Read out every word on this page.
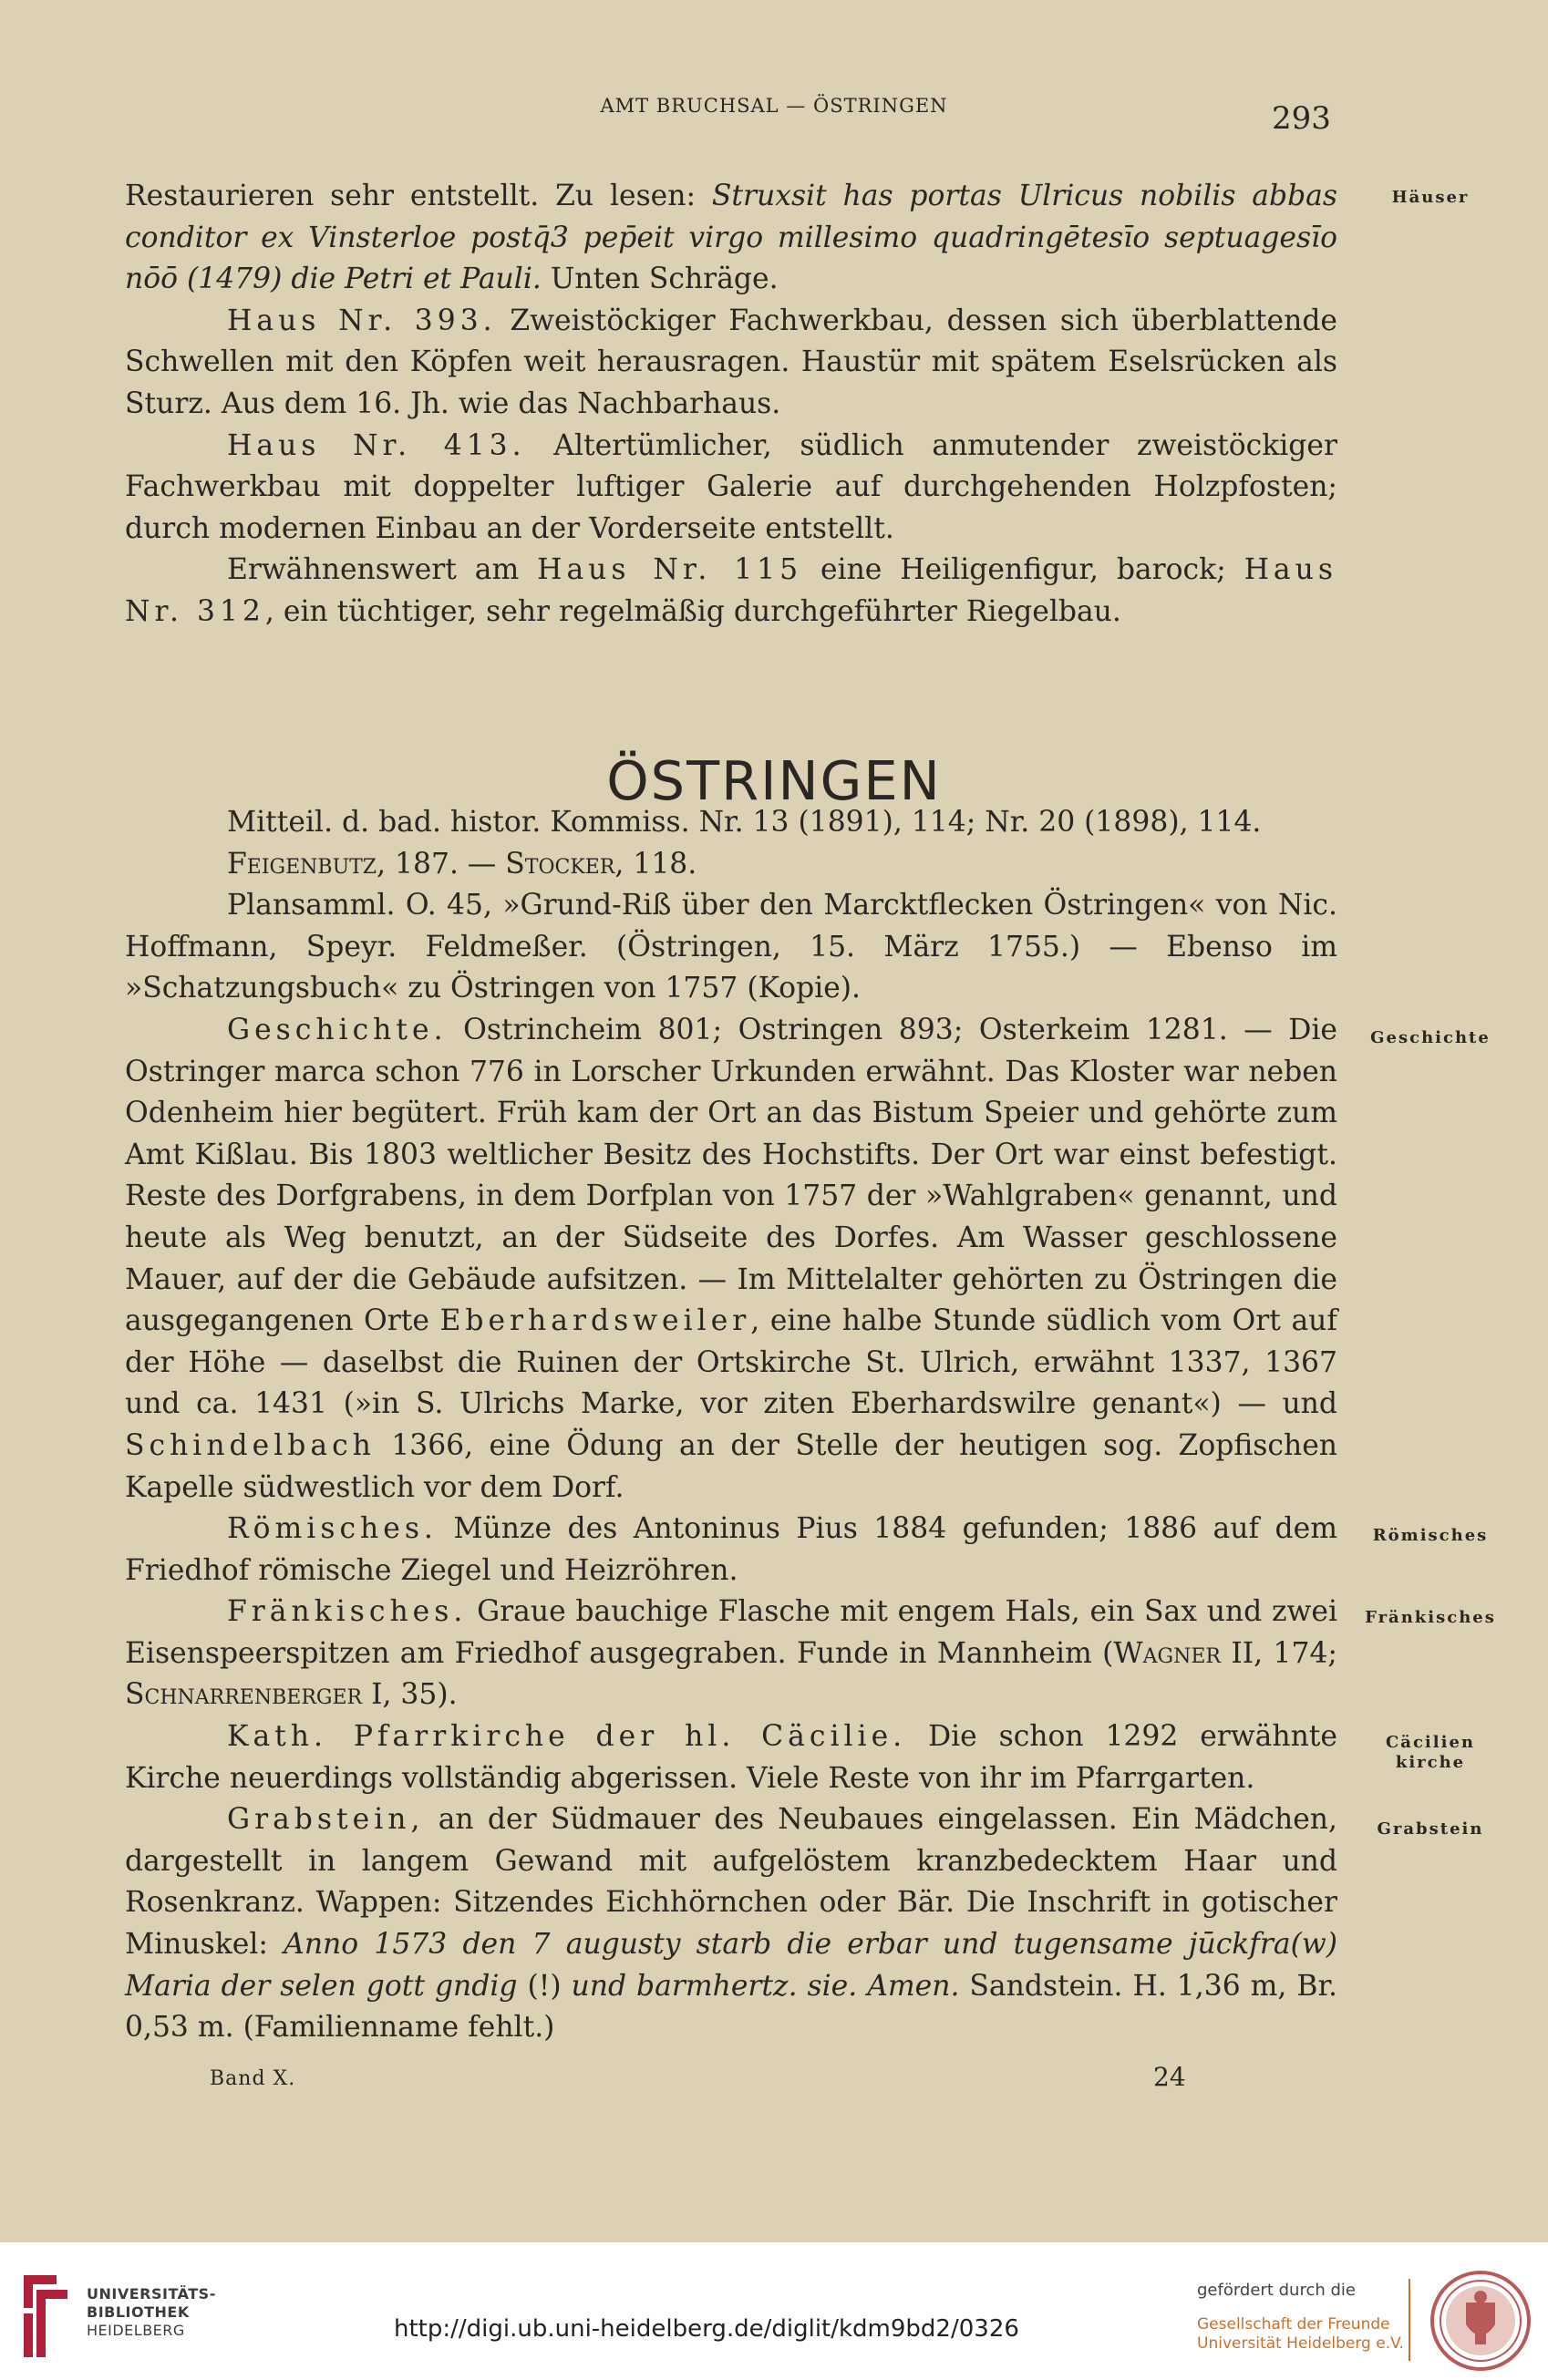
AMT BRUCHSAL — ÖSTRINGEN	293

Restaurieren sehr entstellt. Zu lesen: Struxsit has portas Ulricus nobilis abbas conditor ex Vinsterloe postq̄3 pep̄eit virgo millesimo quadringētesīo septuagesīo nōō (1479) die Petri et Pauli. Unten Schräge.

Haus Nr. 393. Zweistöckiger Fachwerkbau, dessen sich überblattende Schwellen mit den Köpfen weit herausragen. Haustür mit spätem Eselsrücken als Sturz. Aus dem 16. Jh. wie das Nachbarhaus.

Haus Nr. 413. Altertümlicher, südlich anmutender zweistöckiger Fachwerkbau mit doppelter luftiger Galerie auf durchgehenden Holzpfosten; durch modernen Einbau an der Vorderseite entstellt.

Erwähnenswert am Haus Nr. 115 eine Heiligenfigur, barock; Haus Nr. 312, ein tüchtiger, sehr regelmäßig durchgeführter Riegelbau.

Häuser
ÖSTRINGEN

Mitteil. d. bad. histor. Kommiss. Nr. 13 (1891), 114; Nr. 20 (1898), 114.

Feigenbutz, 187. — Stocker, 118.

Plansamml. O. 45, »Grund-Riß über den Marcktflecken Östringen« von Nic. Hoffmann, Speyr. Feldmeßer. (Östringen, 15. März 1755.) — Ebenso im »Schatzungsbuch« zu Östringen von 1757 (Kopie).

Geschichte. Ostrincheim 801; Ostringen 893; Osterkeim 1281. — Die Ostringer marca schon 776 in Lorscher Urkunden erwähnt. Das Kloster war neben Odenheim hier begütert. Früh kam der Ort an das Bistum Speier und gehörte zum Amt Kißlau. Bis 1803 weltlicher Besitz des Hochstifts. Der Ort war einst befestigt. Reste des Dorfgrabens, in dem Dorfplan von 1757 der »Wahlgraben« genannt, und heute als Weg benutzt, an der Südseite des Dorfes. Am Wasser geschlossene Mauer, auf der die Gebäude aufsitzen. — Im Mittelalter gehörten zu Östringen die ausgegangenen Orte Eberhardsweiler, eine halbe Stunde südlich vom Ort auf der Höhe — daselbst die Ruinen der Ortskirche St. Ulrich, erwähnt 1337, 1367 und ca. 1431 (»in S. Ulrichs Marke, vor ziten Eberhardswilre genant«) — und Schindelbach 1366, eine Ödung an der Stelle der heutigen sog. Zopfischen Kapelle südwestlich vor dem Dorf.

Römisches. Münze des Antoninus Pius 1884 gefunden; 1886 auf dem Friedhof römische Ziegel und Heizröhren.

Fränkisches. Graue bauchige Flasche mit engem Hals, ein Sax und zwei Eisenspeerspitzen am Friedhof ausgegraben. Funde in Mannheim (Wagner II, 174; Schnarrenberger I, 35).

Kath. Pfarrkirche der hl. Cäcilie. Die schon 1292 erwähnte Kirche neuerdings vollständig abgerissen. Viele Reste von ihr im Pfarrgarten.

Grabstein, an der Südmauer des Neubaues eingelassen. Ein Mädchen, dargestellt in langem Gewand mit aufgelöstem kranzbedecktem Haar und Rosenkranz. Wappen: Sitzendes Eichhörnchen oder Bär. Die Inschrift in gotischer Minuskel: Anno 1573 den 7 augusty starb die erbar und tugensame jūckfra(w) Maria der selen gott gndig (!) und barmhertz. sie. Amen. Sandstein. H. 1,36 m, Br. 0,53 m. (Familienname fehlt.)

Geschichte
Römisches
Fränkisches
Cäcilien
kirche
Grabstein
Band X.	24
UNIVERSITÄTS-
BIBLIOTHEK
HEIDELBERG	http://digi.ub.uni-heidelberg.de/diglit/kdm9bd2/0326
gefördert durch die
Gesellschaft der Freunde
Universität Heidelberg e.V.
